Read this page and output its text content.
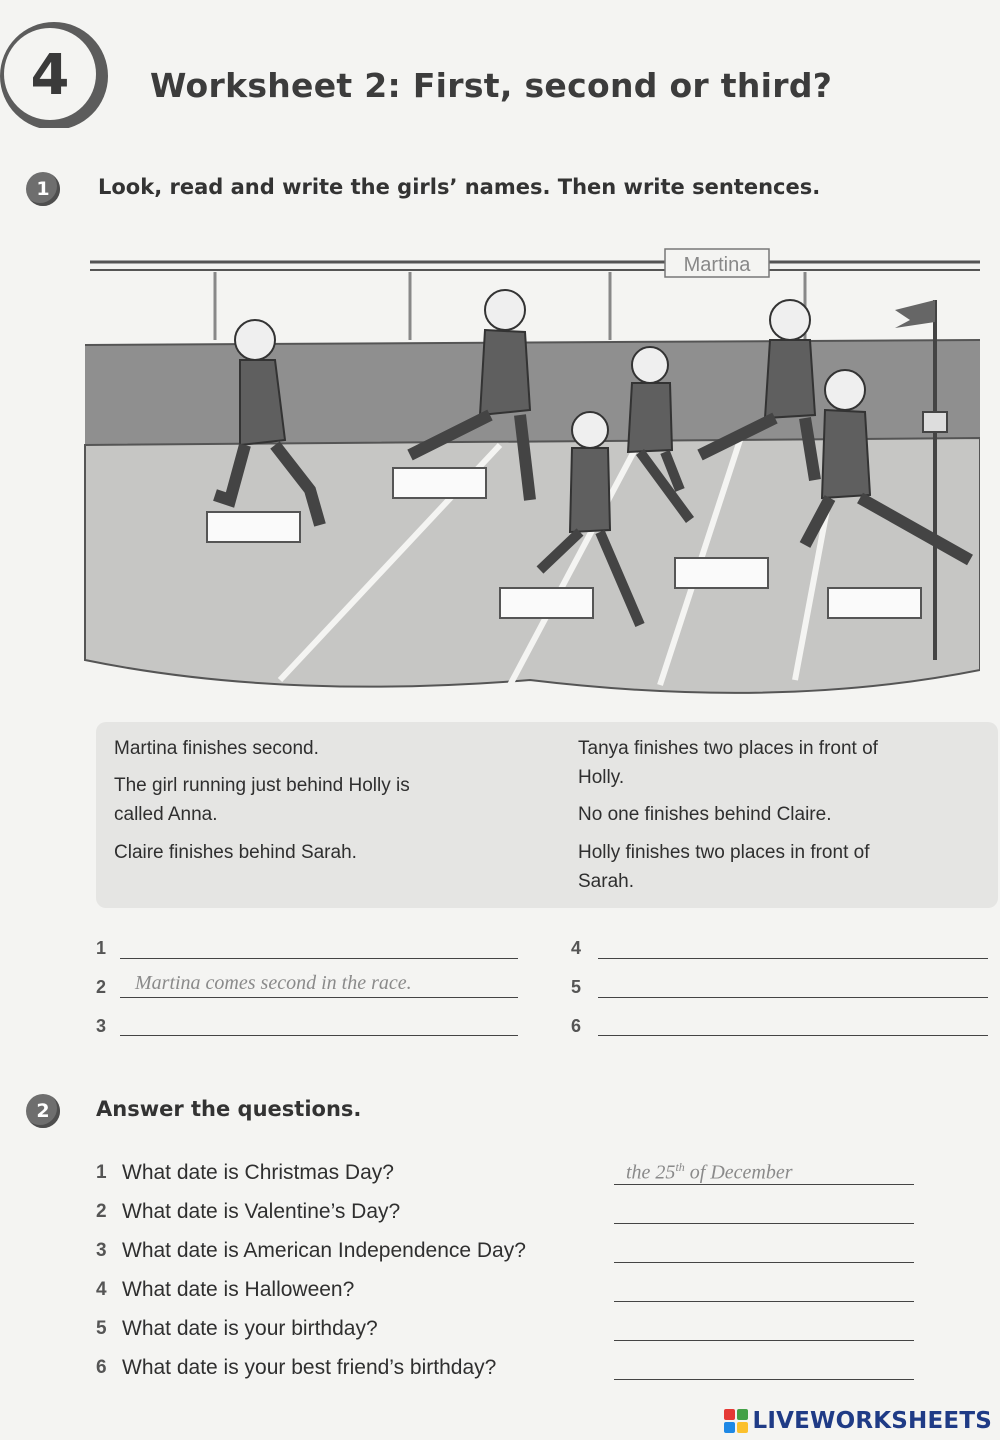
4 Worksheet 2: First, second or third?
1	Look, read and write the girls’ names. Then write sentences.
Martina
Martina finishes second.
The girl running just behind Holly is
called Anna.
Claire finishes behind Sarah.
Tanya finishes two places in front of
Holly.
No one finishes behind Claire.
Holly finishes two places in front of
Sarah.
1
2 Martina comes second in the race.
3
4
5
6
2	Answer the questions.
1 What date is Christmas Day?	the 25th of December
2 What date is Valentine’s Day?
3 What date is American Independence Day?
4 What date is Halloween?
5 What date is your birthday?
6 What date is your best friend’s birthday?
LIVEWORKSHEETS
